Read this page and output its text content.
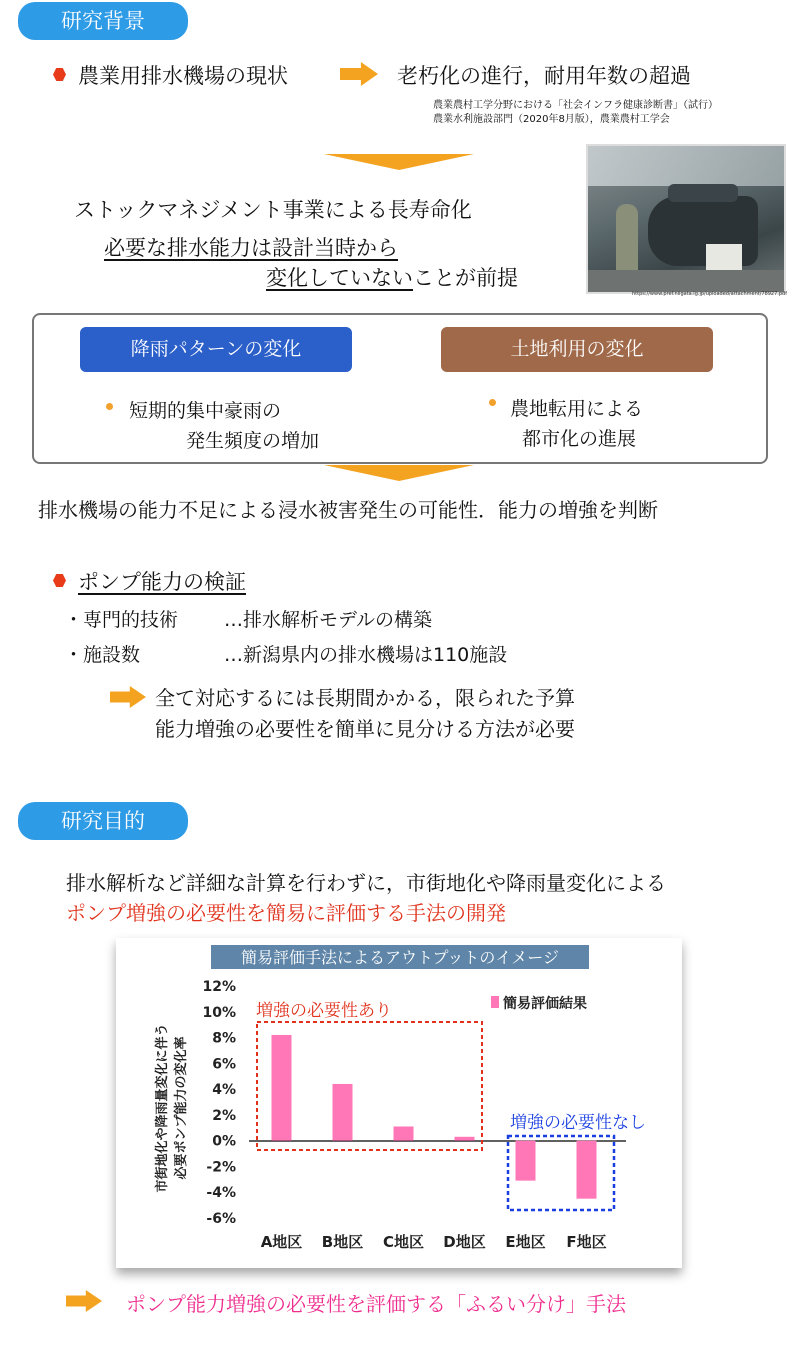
研究背景
農業用排水機場の現状	老朽化の進行，耐用年数の超過
農業農村工学分野における「社会インフラ健康診断書」（試行）
農業水利施設部門（2020年8月版），農業農村工学会
ストックマネジメント事業による長寿命化
必要な排水能力は設計当時から
変化していないことが前提
https://www.pref.niigata.lg.jp/uploaded/attachment/78927.pdf
降雨パターンの変化	土地利用の変化
短期的集中豪雨の
発生頻度の増加
農地転用による
都市化の進展
排水機場の能力不足による浸水被害発生の可能性．能力の増強を判断
ポンプ能力の検証
・専門的技術 …排水解析モデルの構築
・施設数	…新潟県内の排水機場は110施設
全て対応するには長期間かかる，限られた予算
能力増強の必要性を簡単に見分ける方法が必要
研究目的
排水解析など詳細な計算を行わずに，市街地化や降雨量変化による
ポンプ増強の必要性を簡易に評価する手法の開発
簡易評価手法によるアウトプットのイメージ
市街地化や降雨量変化に伴う 必要ポンプ能力の変化率
12%
10%
8%
6%
4%
2%
0%
-2%
-4%
-6%
A地区 B地区 C地区 D地区 E地区 F地区
増強の必要性あり
増強の必要性なし
簡易評価結果
ポンプ能力増強の必要性を評価する「ふるい分け」手法
